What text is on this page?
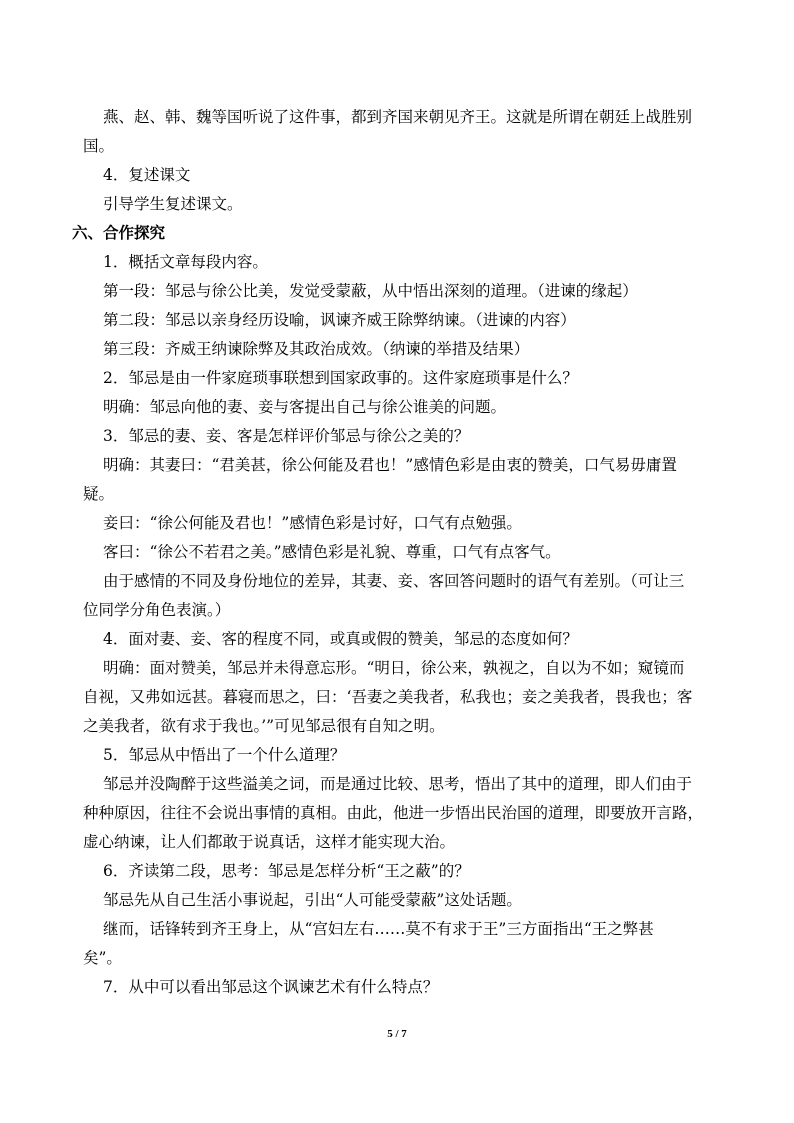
燕、赵、韩、魏等国听说了这件事，都到齐国来朝见齐王。这就是所谓在朝廷上战胜别
国。
4．复述课文
引导学生复述课文。
六、合作探究
1．概括文章每段内容。
第一段：邹忌与徐公比美，发觉受蒙蔽，从中悟出深刻的道理。（进谏的缘起）
第二段：邹忌以亲身经历设喻，讽谏齐威王除弊纳谏。（进谏的内容）
第三段：齐威王纳谏除弊及其政治成效。（纳谏的举措及结果）
2．邹忌是由一件家庭琐事联想到国家政事的。这件家庭琐事是什么？
明确：邹忌向他的妻、妾与客提出自己与徐公谁美的问题。
3．邹忌的妻、妾、客是怎样评价邹忌与徐公之美的？
明确：其妻曰：“君美甚，徐公何能及君也！”感情色彩是由衷的赞美，口气易毋庸置
疑。
妾曰：“徐公何能及君也！”感情色彩是讨好，口气有点勉强。
客曰：“徐公不若君之美。”感情色彩是礼貌、尊重，口气有点客气。
由于感情的不同及身份地位的差异，其妻、妾、客回答问题时的语气有差别。（可让三
位同学分角色表演。）
4．面对妻、妾、客的程度不同，或真或假的赞美，邹忌的态度如何？
明确：面对赞美，邹忌并未得意忘形。“明日，徐公来，孰视之，自以为不如；窥镜而
自视，又弗如远甚。暮寝而思之，曰：‘吾妻之美我者，私我也；妾之美我者，畏我也；客
之美我者，欲有求于我也。’”可见邹忌很有自知之明。
5．邹忌从中悟出了一个什么道理？
邹忌并没陶醉于这些溢美之词，而是通过比较、思考，悟出了其中的道理，即人们由于
种种原因，往往不会说出事情的真相。由此，他进一步悟出民治国的道理，即要放开言路，
虚心纳谏，让人们都敢于说真话，这样才能实现大治。
6．齐读第二段，思考：邹忌是怎样分析“王之蔽”的？
邹忌先从自己生活小事说起，引出“人可能受蒙蔽”这处话题。
继而，话锋转到齐王身上，从“宫妇左右……莫不有求于王”三方面指出“王之弊甚
矣”。
7．从中可以看出邹忌这个讽谏艺术有什么特点？
5 / 7
